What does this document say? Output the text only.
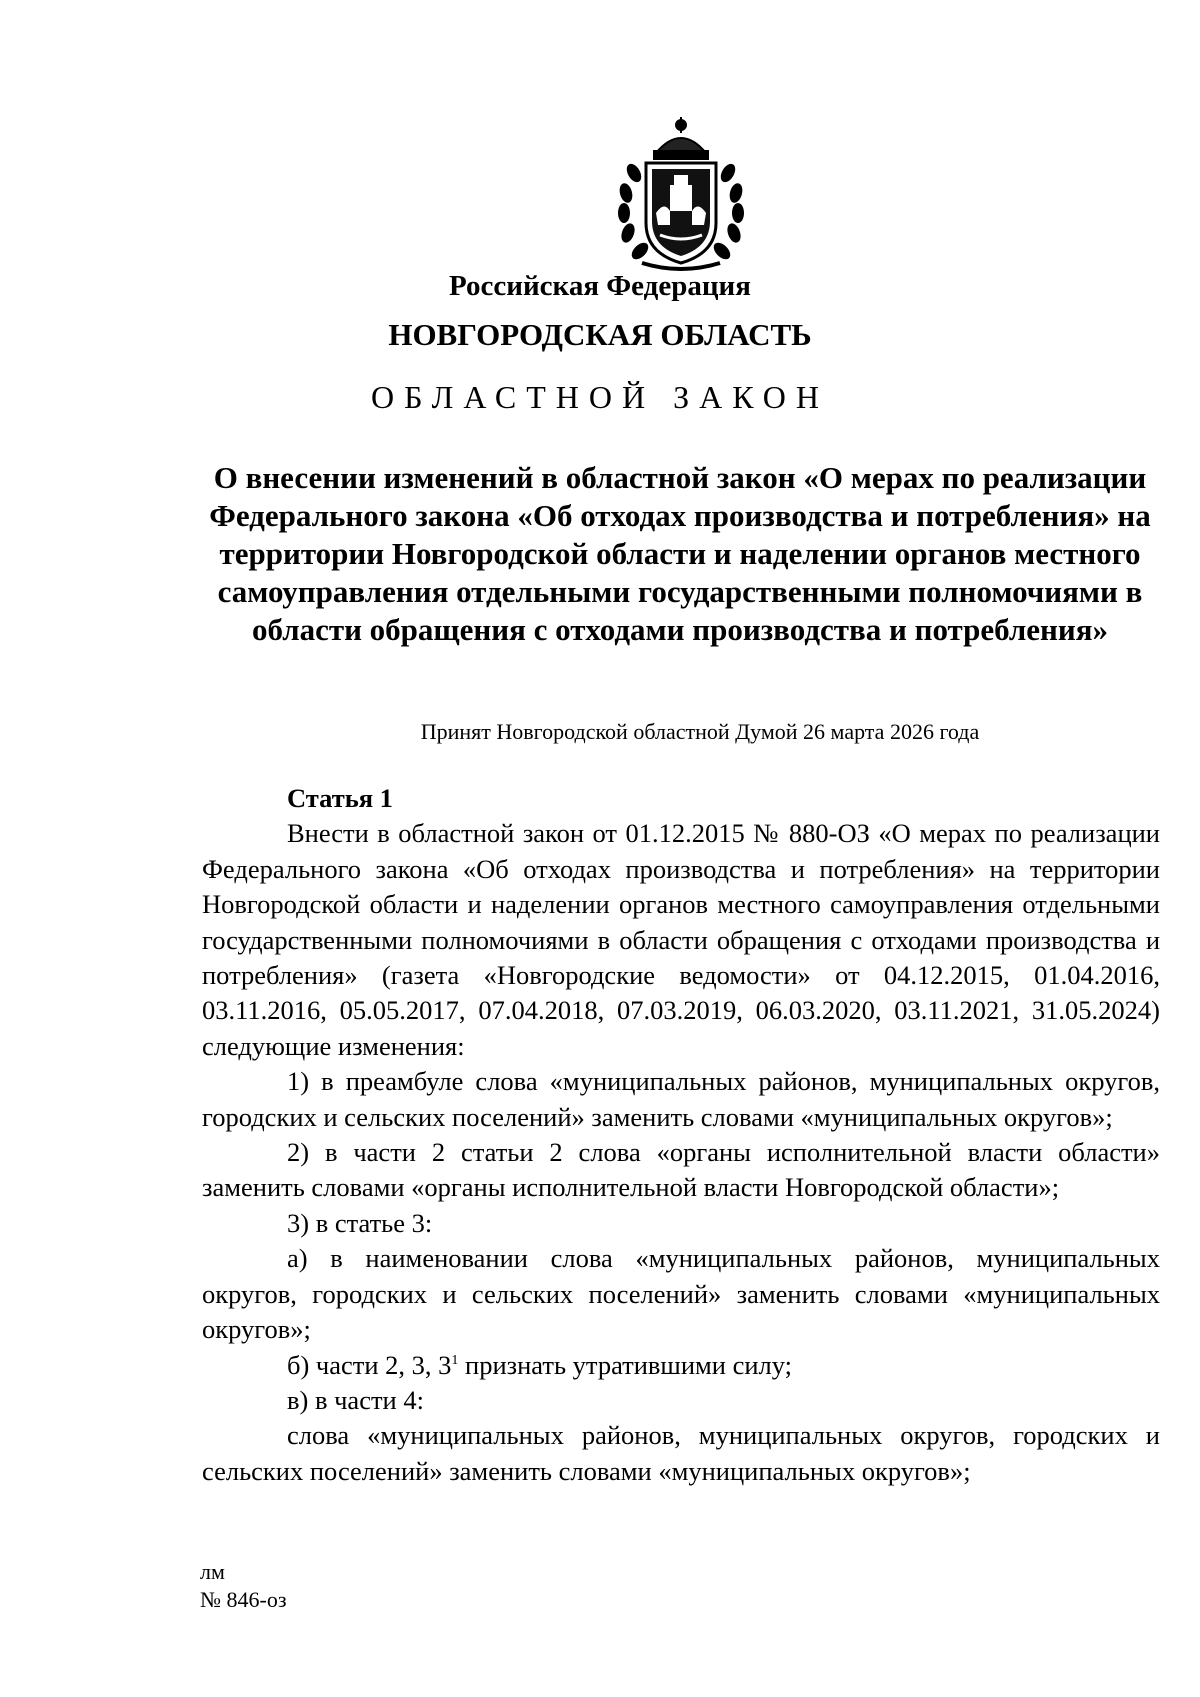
Российская Федерация
НОВГОРОДСКАЯ ОБЛАСТЬ
ОБЛАСТНОЙ ЗАКОН
О внесении изменений в областной закон «О мерах по реализации Федерального закона «Об отходах производства и потребления» на территории Новгородской области и наделении органов местного самоуправления отдельными государственными полномочиями в области обращения с отходами производства и потребления»
Принят Новгородской областной Думой 26 марта 2026 года

Статья 1

Внести в областной закон от 01.12.2015 № 880-ОЗ «О мерах по реализации Федерального закона «Об отходах производства и потребления» на территории Новгородской области и наделении органов местного самоуправления отдельными государственными полномочиями в области обращения с отходами производства и потребления» (газета «Новгородские ведомости» от 04.12.2015, 01.04.2016, 03.11.2016, 05.05.2017, 07.04.2018, 07.03.2019, 06.03.2020, 03.11.2021, 31.05.2024) следующие изменения:

1) в преамбуле слова «муниципальных районов, муниципальных округов, городских и сельских поселений» заменить словами «муниципальных округов»;

2) в части 2 статьи 2 слова «органы исполнительной власти области» заменить словами «органы исполнительной власти Новгородской области»;

3) в статье 3:

а) в наименовании слова «муниципальных районов, муниципальных округов, городских и сельских поселений» заменить словами «муниципальных округов»;

б) части 2, 3, $3^1$ признать утратившими силу;

в) в части 4:

слова «муниципальных районов, муниципальных округов, городских и сельских поселений» заменить словами «муниципальных округов»;

лм
№ 846-оз
